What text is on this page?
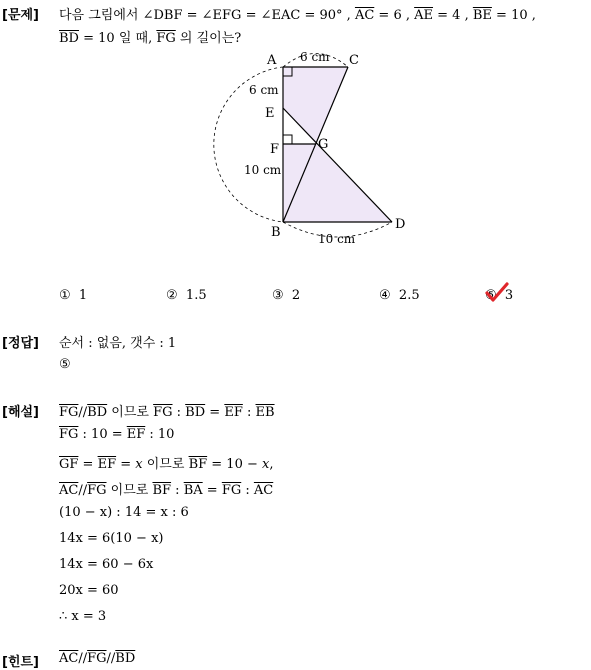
[문제] 다음 그림에서 ∠DBF = ∠EFG = ∠EAC = 90° , $\overline{AC} = 6$ , $\overline{AE} = 4$ , $\overline{BE} = 10$ ,
$\overline{BD} = 10$ 일 때, $\overline{FG}$ 의 길이는?
A	C
E
F	G
B
D
6 cm
6 cm
10 cm
10 cm
① 1	② 1.5	③ 2	④ 2.5	⑤ 3
[정답] 순서 : 없음, 갯수 : 1
⑤
[해설] $\overline{FG}//\overline{BD}$ 이므로 $\overline{FG}$ : $\overline{BD} = \overline{EF}$ : $\overline{EB}$
$\overline{FG}$ : $10 = \overline{EF}$ : 10
$\overline{GF} = \overline{EF} = x$ 이므로 $\overline{BF} = 10 - x$,
$\overline{AC}//\overline{FG}$ 이므로 $\overline{BF}$ : $\overline{BA} = \overline{FG}$ : $\overline{AC}$
(10 − x) : 14 = x : 6
14x = 6(10 − x)
14x = 60 − 6x
20x = 60
∴ x = 3
[힌트] $\overline{AC}//\overline{FG}//\overline{BD}$
